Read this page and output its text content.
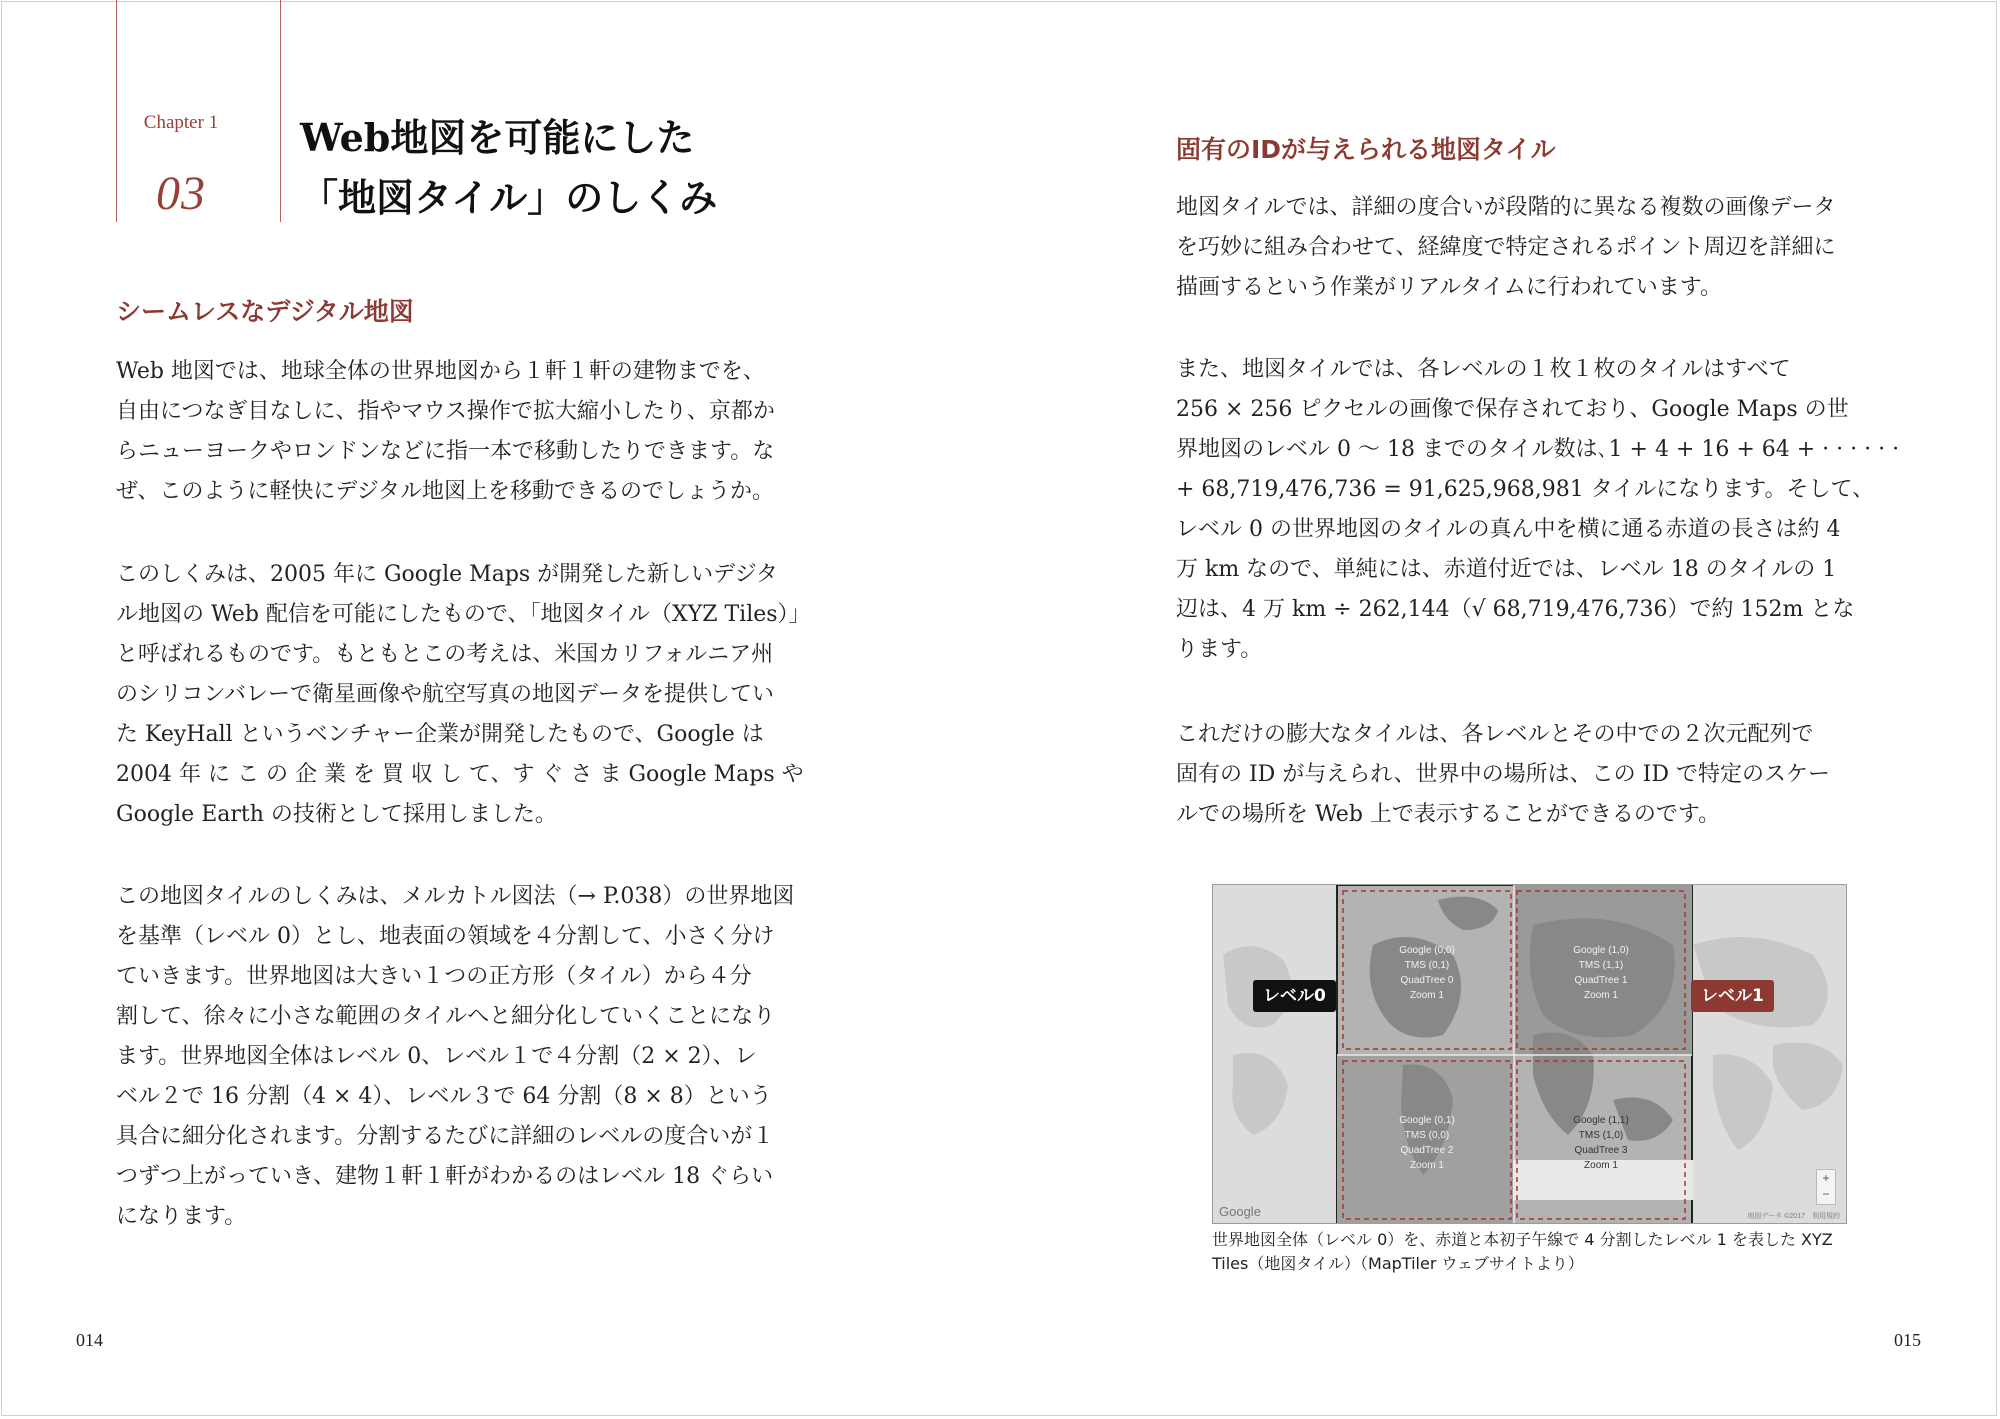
Chapter 1
03
Web地図を可能にした
「地図タイル」のしくみ
シームレスなデジタル地図
Web 地図では、地球全体の世界地図から１軒１軒の建物までを、
自由につなぎ目なしに、指やマウス操作で拡大縮小したり、京都か
らニューヨークやロンドンなどに指一本で移動したりできます。な
ぜ、このように軽快にデジタル地図上を移動できるのでしょうか。
このしくみは、2005 年に Google Maps が開発した新しいデジタ
ル地図の Web 配信を可能にしたもので、「地図タイル（XYZ Tiles）」
と呼ばれるものです。もともとこの考えは、米国カリフォルニア州
のシリコンバレーで衛星画像や航空写真の地図データを提供してい
た KeyHall というベンチャー企業が開発したもので、Google は
2004 年 に こ の 企 業 を 買 収 し て、す ぐ さ ま Google Maps や
Google Earth の技術として採用しました。
この地図タイルのしくみは、メルカトル図法（→ P.038）の世界地図
を基準（レベル 0）とし、地表面の領域を４分割して、小さく分け
ていきます。世界地図は大きい１つの正方形（タイル）から４分
割して、徐々に小さな範囲のタイルへと細分化していくことになり
ます。世界地図全体はレベル 0、レベル１で４分割（2 × 2）、レ
ベル２で 16 分割（4 × 4）、レベル３で 64 分割（8 × 8）という
具合に細分化されます。分割するたびに詳細のレベルの度合いが１
つずつ上がっていき、建物１軒１軒がわかるのはレベル 18 ぐらい
になります。
固有のIDが与えられる地図タイル
地図タイルでは、詳細の度合いが段階的に異なる複数の画像データ
を巧妙に組み合わせて、経緯度で特定されるポイント周辺を詳細に
描画するという作業がリアルタイムに行われています。
また、地図タイルでは、各レベルの１枚１枚のタイルはすべて
256 × 256 ピクセルの画像で保存されており、Google Maps の世
界地図のレベル 0 〜 18 までのタイル数は､1 + 4 + 16 + 64 + · · · · · ·
+ 68,719,476,736 = 91,625,968,981 タイルになります。そして、
レベル 0 の世界地図のタイルの真ん中を横に通る赤道の長さは約 4
万 km なので、単純には、赤道付近では、レベル 18 のタイルの 1
辺は、4 万 km ÷ 262,144（√ 68,719,476,736）で約 152m とな
ります。
これだけの膨大なタイルは、各レベルとその中での２次元配列で
固有の ID が与えられ、世界中の場所は、この ID で特定のスケー
ルでの場所を Web 上で表示することができるのです。
Google (0,0)
TMS (0,1)
QuadTree 0
Zoom 1
Google (1,0)
TMS (1,1)
QuadTree 1
Zoom 1
Google (0,1)
TMS (0,0)
QuadTree 2
Zoom 1
Google (1,1)
TMS (1,0)
QuadTree 3
Zoom 1
レベル0	レベル1
Google
+
−
地図データ ©2017　利用規約
世界地図全体（レベル 0）を、赤道と本初子午線で 4 分割したレベル 1 を表した XYZ
Tiles（地図タイル）（MapTiler ウェブサイトより）
014	015
